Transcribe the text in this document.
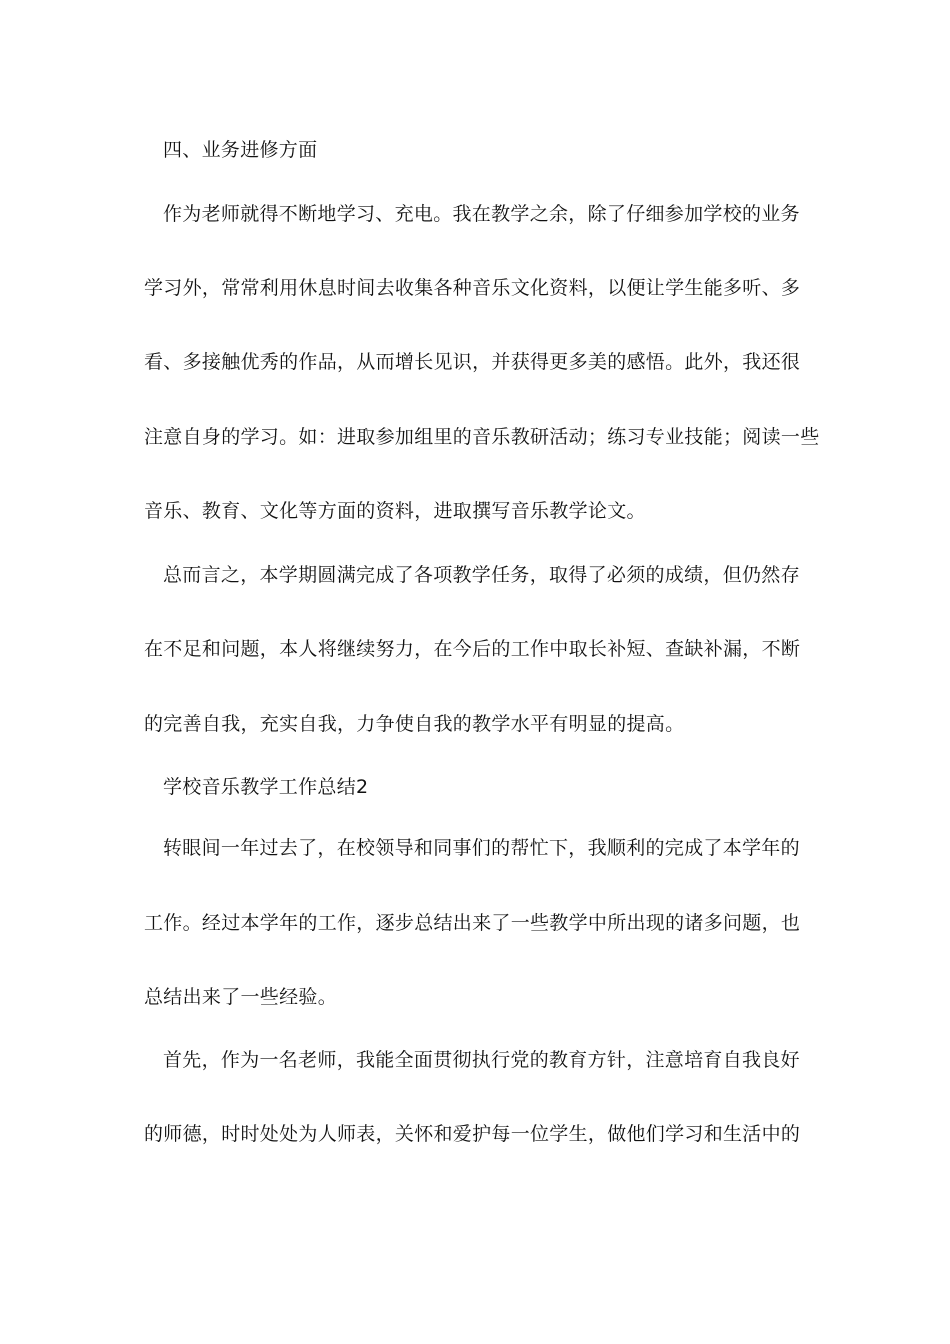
四、业务进修方面
作为老师就得不断地学习、充电。我在教学之余，除了仔细参加学校的业务
学习外，常常利用休息时间去收集各种音乐文化资料，以便让学生能多听、多
看、多接触优秀的作品，从而增长见识，并获得更多美的感悟。此外，我还很
注意自身的学习。如：进取参加组里的音乐教研活动；练习专业技能；阅读一些
音乐、教育、文化等方面的资料，进取撰写音乐教学论文。
总而言之，本学期圆满完成了各项教学任务，取得了必须的成绩，但仍然存
在不足和问题，本人将继续努力，在今后的工作中取长补短、查缺补漏，不断
的完善自我，充实自我，力争使自我的教学水平有明显的提高。
学校音乐教学工作总结2
转眼间一年过去了，在校领导和同事们的帮忙下，我顺利的完成了本学年的
工作。经过本学年的工作，逐步总结出来了一些教学中所出现的诸多问题，也
总结出来了一些经验。
首先，作为一名老师，我能全面贯彻执行党的教育方针，注意培育自我良好
的师德，时时处处为人师表，关怀和爱护每一位学生，做他们学习和生活中的
